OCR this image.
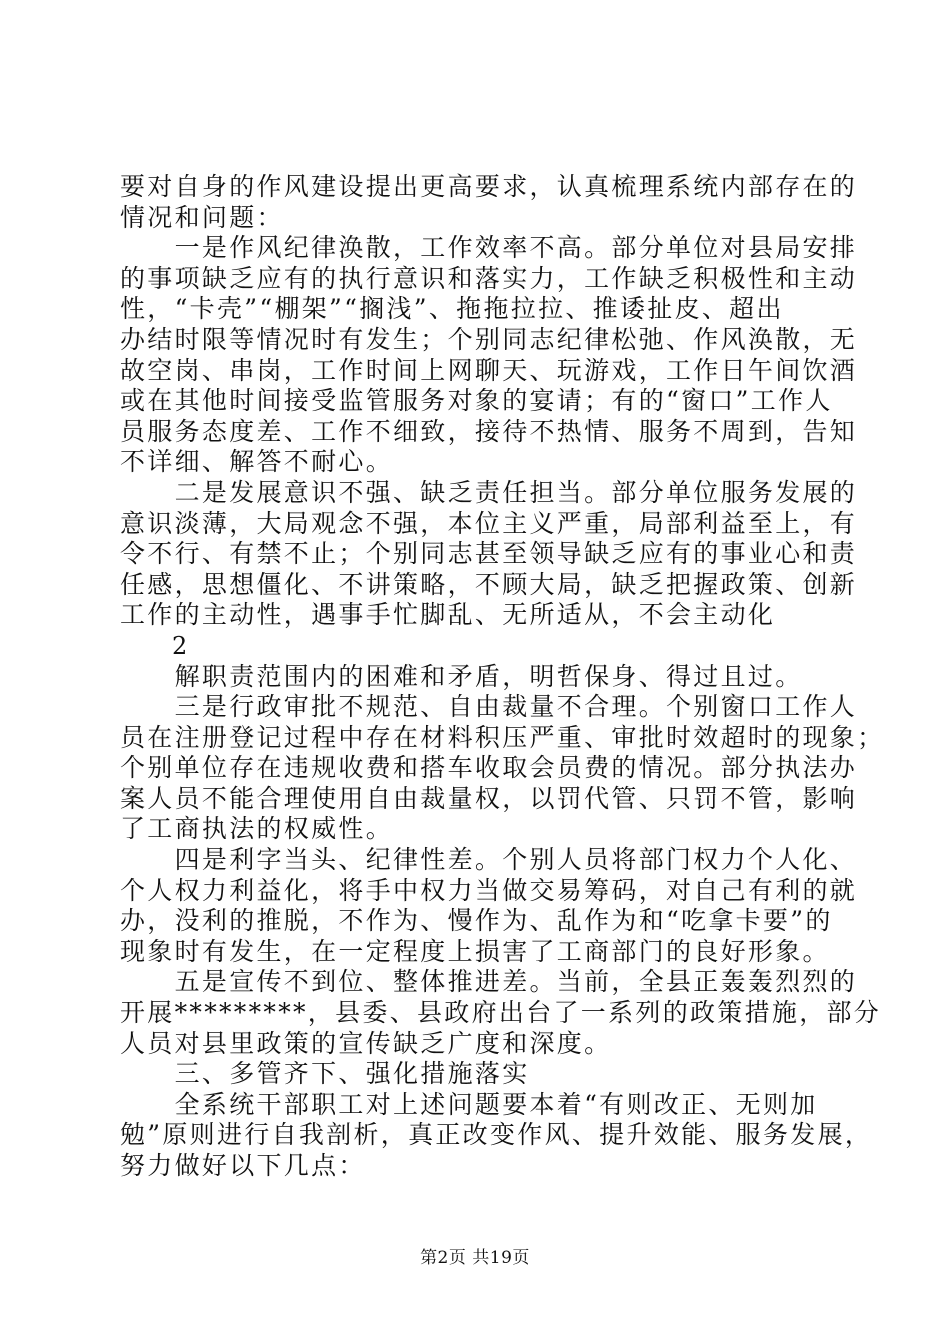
要对自身的作风建设提出更高要求，认真梳理系统内部存在的

情况和问题：

　　一是作风纪律涣散，工作效率不高。部分单位对县局安排

的事项缺乏应有的执行意识和落实力，工作缺乏积极性和主动

性，“卡壳”“棚架”“搁浅”、拖拖拉拉、推诿扯皮、超出

办结时限等情况时有发生；个别同志纪律松弛、作风涣散，无

故空岗、串岗，工作时间上网聊天、玩游戏，工作日午间饮酒

或在其他时间接受监管服务对象的宴请；有的“窗口”工作人

员服务态度差、工作不细致，接待不热情、服务不周到，告知

不详细、解答不耐心。

　　二是发展意识不强、缺乏责任担当。部分单位服务发展的

意识淡薄，大局观念不强，本位主义严重，局部利益至上，有

令不行、有禁不止；个别同志甚至领导缺乏应有的事业心和责

任感，思想僵化、不讲策略，不顾大局，缺乏把握政策、创新

工作的主动性，遇事手忙脚乱、无所适从，不会主动化

2

　　解职责范围内的困难和矛盾，明哲保身、得过且过。

　　三是行政审批不规范、自由裁量不合理。个别窗口工作人

员在注册登记过程中存在材料积压严重、审批时效超时的现象；

个别单位存在违规收费和搭车收取会员费的情况。部分执法办

案人员不能合理使用自由裁量权，以罚代管、只罚不管，影响

了工商执法的权威性。

　　四是利字当头、纪律性差。个别人员将部门权力个人化、

个人权力利益化，将手中权力当做交易筹码，对自己有利的就

办，没利的推脱，不作为、慢作为、乱作为和“吃拿卡要”的

现象时有发生，在一定程度上损害了工商部门的良好形象。

　　五是宣传不到位、整体推进差。当前，全县正轰轰烈烈的

开展*********，县委、县政府出台了一系列的政策措施，部分

人员对县里政策的宣传缺乏广度和深度。

　　三、多管齐下、强化措施落实

　　全系统干部职工对上述问题要本着“有则改正、无则加

勉”原则进行自我剖析，真正改变作风、提升效能、服务发展，

努力做好以下几点：

第2页 共19页
